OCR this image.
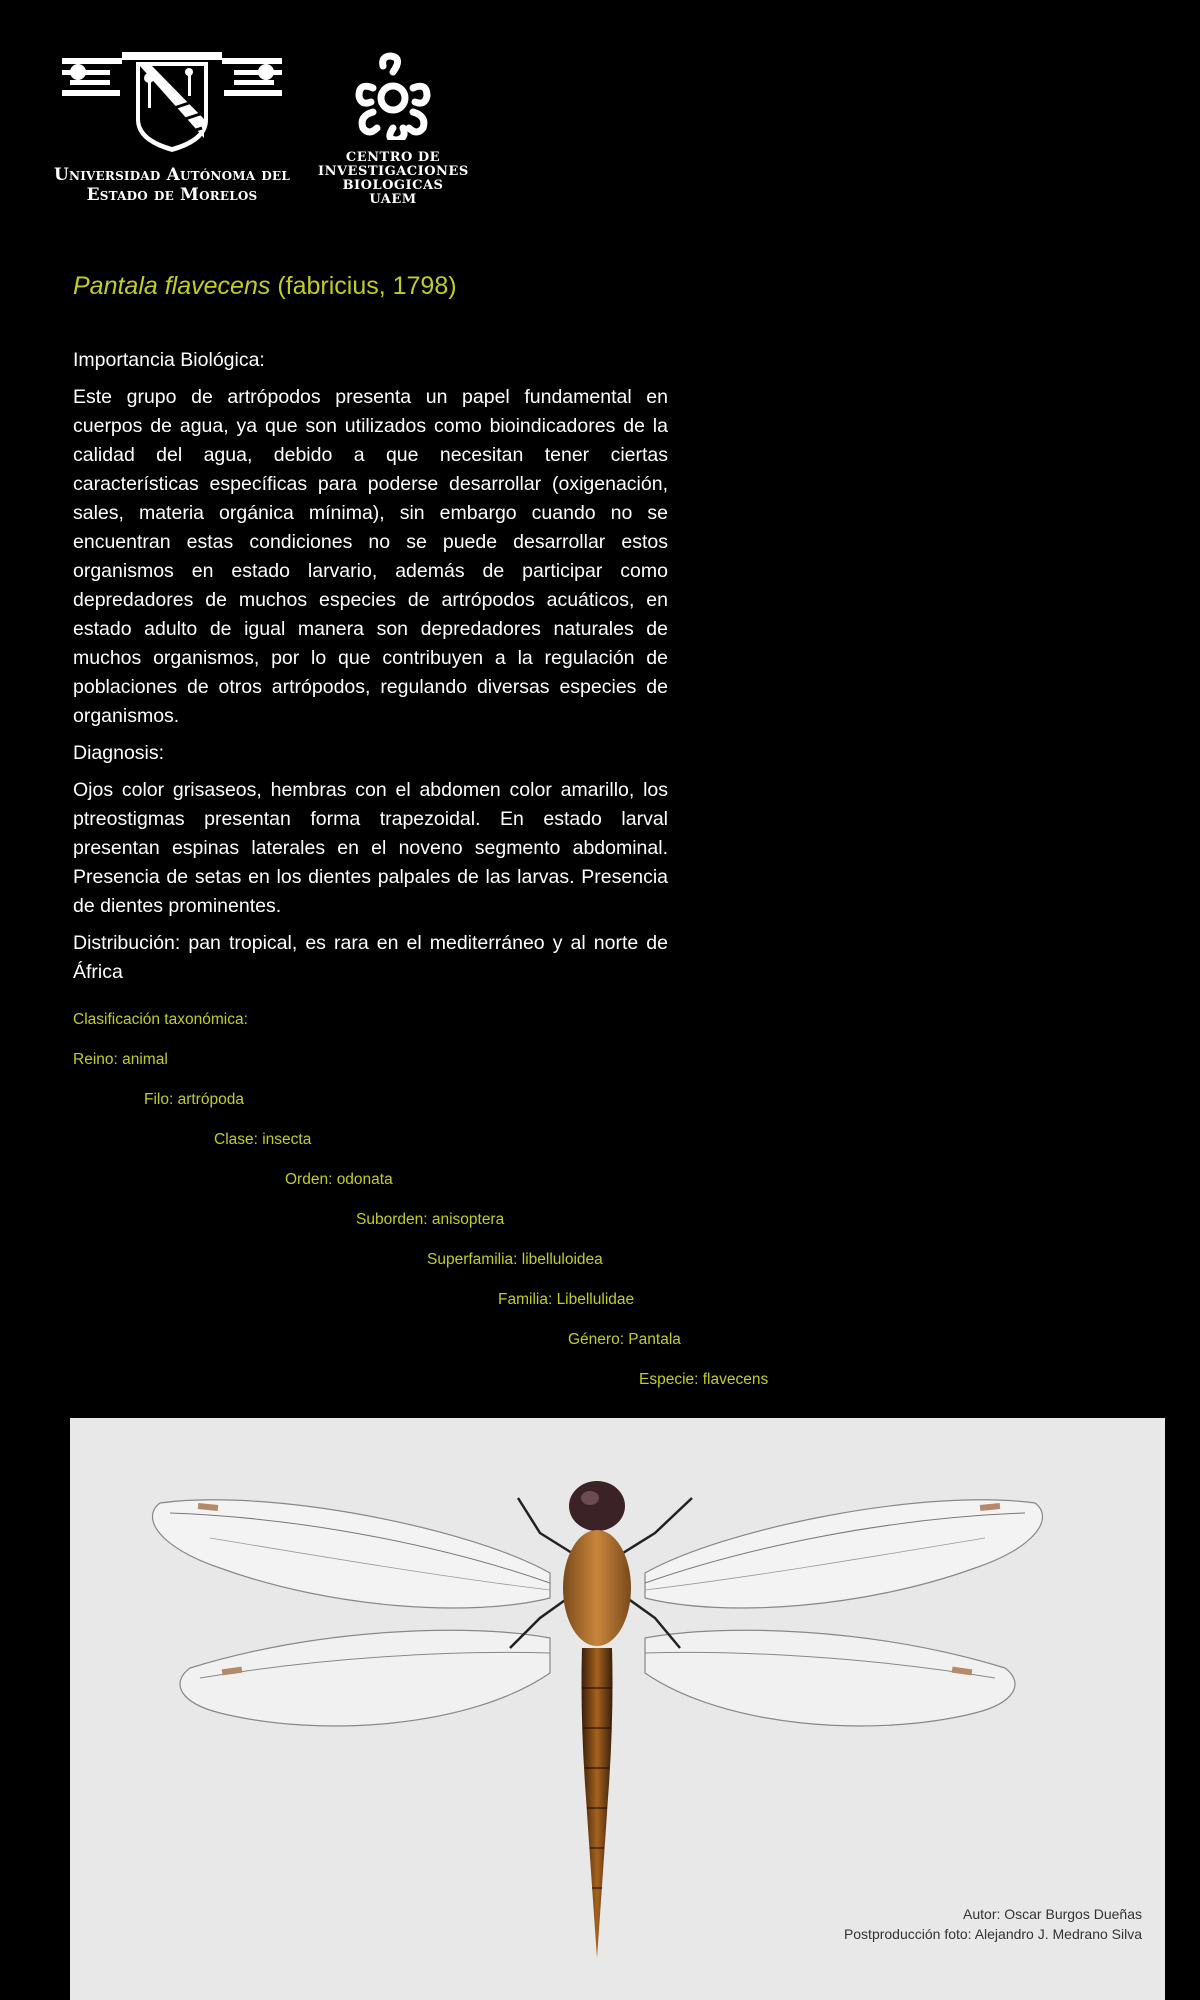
Universidad Autónoma del
Estado de Morelos
CENTRO DE
INVESTIGACIONES
BIOLOGICAS
UAEM
Pantala flavecens (fabricius, 1798)

Importancia Biológica:

Este grupo de artrópodos presenta un papel fundamental en cuerpos de agua, ya que son utilizados como bioindicadores de la calidad del agua, debido a que necesitan tener ciertas características específicas para poderse desarrollar (oxigenación, sales, materia orgánica mínima), sin embargo cuando no se encuentran estas condiciones no se puede desarrollar estos organismos en estado larvario, además de participar como depredadores de muchos especies de artrópodos acuáticos, en estado adulto de igual manera son depredadores naturales de muchos organismos, por lo que contribuyen a la regulación de poblaciones de otros artrópodos, regulando diversas especies de organismos.

Diagnosis:

Ojos color grisaseos, hembras con el abdomen color amarillo, los ptreostigmas presentan forma trapezoidal. En estado larval presentan espinas laterales en el noveno segmento abdominal. Presencia de setas en los dientes palpales de las larvas. Presencia de dientes prominentes.

Distribución: pan tropical, es rara en el mediterráneo y al norte de África

Clasificación taxonómica:
Reino: animal
Filo: artrópoda
Clase: insecta
Orden: odonata
Suborden: anisoptera
Superfamilia: libelluloidea
Familia: Libellulidae
Género: Pantala
Especie: flavecens
Autor: Oscar Burgos Dueñas
Postproducción foto: Alejandro J. Medrano Silva
